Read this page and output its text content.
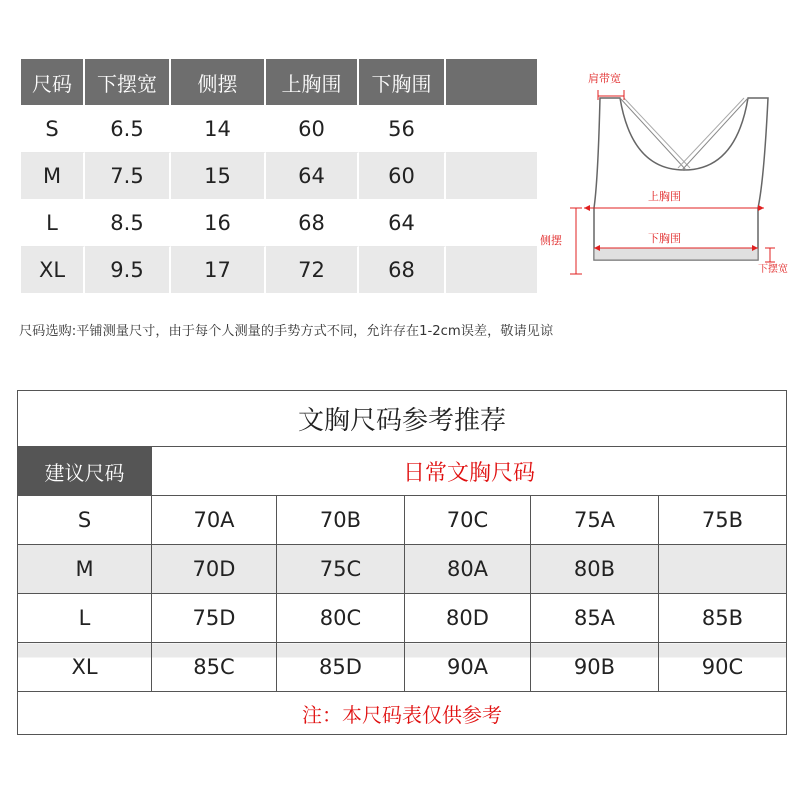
尺码	下摆宽	侧摆	上胸围	下胸围	
S	6.5	14	60	56	
M	7.5	15	64	60	
L	8.5	16	68	64	
XL	9.5	17	72	68	
肩带宽
上胸围
下胸围
侧摆
下摆宽
尺码选购:平铺测量尺寸，由于每个人测量的手势方式不同，允许存在1-2cm误差，敬请见谅
文胸尺码参考推荐					
建议尺码	日常文胸尺码				
S	70A	70B	70C	75A	75B
M	70D	75C	80A	80B	
L	75D	80C	80D	85A	85B
XL	85C	85D	90A	90B	90C
注：本尺码表仅供参考					
